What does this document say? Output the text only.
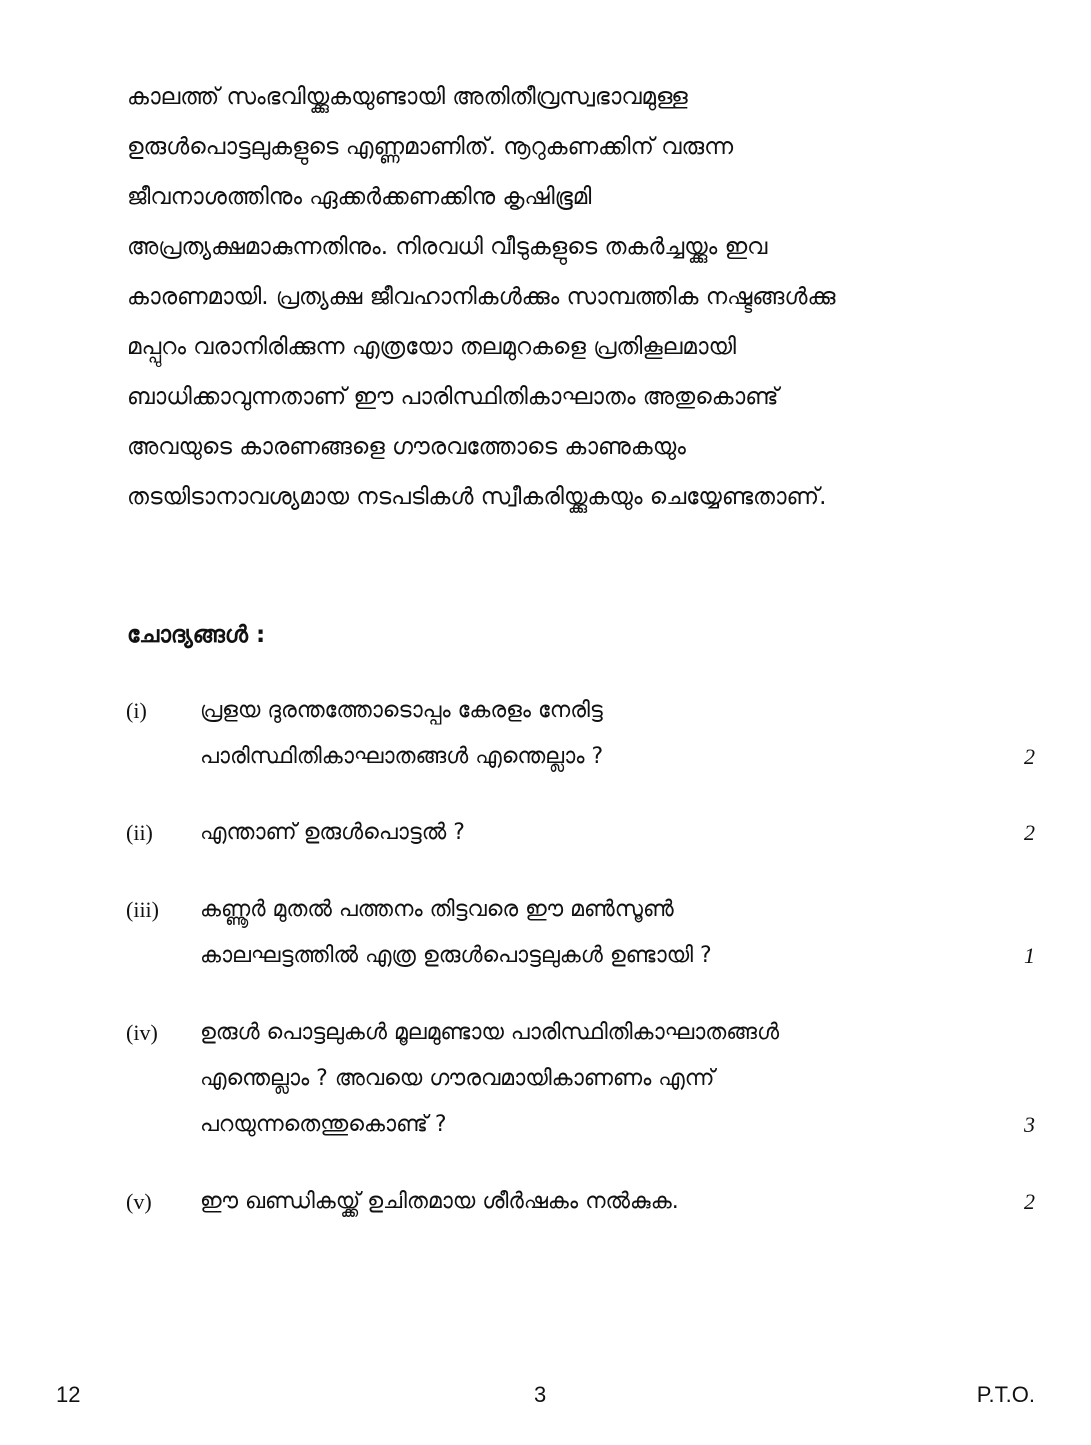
കാലത്ത് സംഭവിയ്ക്കുകയുണ്ടായി അതിതീവ്രസ്വഭാവമുള്ള
ഉരുൾപൊട്ടലുകളുടെ എണ്ണമാണിത്. നൂറുകണക്കിന് വരുന്ന
ജീവനാശത്തിനും ഏക്കർക്കണക്കിനു കൃഷിഭൂമി
അപ്രത്യക്ഷമാകുന്നതിനും. നിരവധി വീടുകളുടെ തകർച്ചയ്ക്കും ഇവ
കാരണമായി. പ്രത്യക്ഷ ജീവഹാനികൾക്കും സാമ്പത്തിക നഷ്ടങ്ങൾക്കു
മപ്പുറം വരാനിരിക്കുന്ന എത്രയോ തലമുറകളെ പ്രതികൂലമായി
ബാധിക്കാവുന്നതാണ് ഈ പാരിസ്ഥിതികാഘാതം അതുകൊണ്ട്
അവയുടെ കാരണങ്ങളെ ഗൗരവത്തോടെ കാണുകയും
തടയിടാനാവശ്യമായ നടപടികൾ സ്വീകരിയ്ക്കുകയും ചെയ്യേണ്ടതാണ്.
ചോദ്യങ്ങൾ :
(i) പ്രളയ ദുരന്തത്തോടൊപ്പം കേരളം നേരിട്ട
പാരിസ്ഥിതികാഘാതങ്ങൾ എന്തെല്ലാം ?	2
(ii) എന്താണ് ഉരുൾപൊട്ടൽ ?	2
(iii) കണ്ണൂർ മുതൽ പത്തനം തിട്ടവരെ ഈ മൺസൂൺ
കാലഘട്ടത്തിൽ എത്ര ഉരുൾപൊട്ടലുകൾ ഉണ്ടായി ?	1
(iv) ഉരുൾ പൊട്ടലുകൾ മൂലമുണ്ടായ പാരിസ്ഥിതികാഘാതങ്ങൾ
എന്തെല്ലാം ? അവയെ ഗൗരവമായികാണണം എന്ന്
പറയുന്നതെന്തുകൊണ്ട് ?	3
(v) ഈ ഖണ്ഡികയ്ക്ക് ഉചിതമായ ശീർഷകം നൽകുക.	2
12	3	P.T.O.
